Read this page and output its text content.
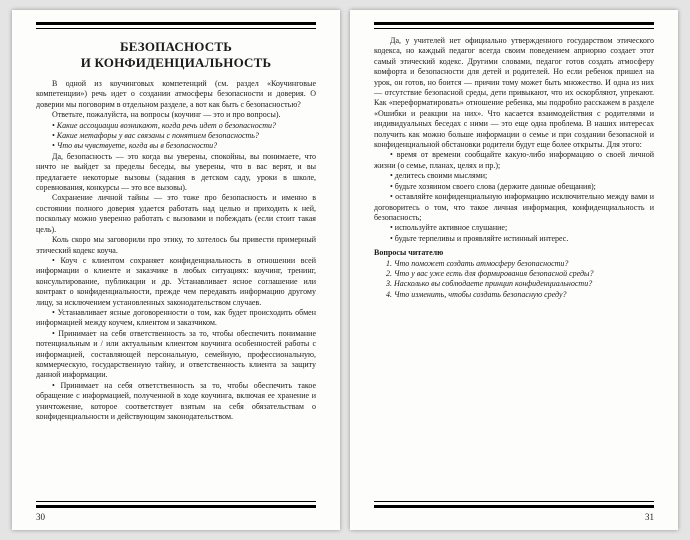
БЕЗОПАСНОСТЬ
И КОНФИДЕНЦИАЛЬНОСТЬ
В одной из коучинговых компетенций (см. раздел «Коучинговые компетенции») речь идет о создании атмосферы безопасности и доверия. О доверии мы поговорим в отдельном разделе, а вот как быть с безопасностью?
Ответьте, пожалуйста, на вопросы (коучинг — это и про вопросы).
• Какие ассоциации возникают, когда речь идет о безопасности?
• Какие метафоры у вас связаны с понятием безопасность?
• Что вы чувствуете, когда вы в безопасности?
Да, безопасность — это когда вы уверены, спокойны, вы понимаете, что ничто не выйдет за пределы беседы, вы уверены, что в вас верят, и вы предлагаете некоторые вызовы (задания в детском саду, уроки в школе, соревнования, конкурсы — это все вызовы).
Сохранение личной тайны — это тоже про безопасность и именно в состоянии полного доверия удается работать над целью и приходить к ней, поскольку можно уверенно работать с вызовами и побеждать (если стоит такая цель).
Коль скоро мы заговорили про этику, то хотелось бы привести примерный этический кодекс коуча.
• Коуч с клиентом сохраняет конфиденциальность в отношении всей информации о клиенте и заказчике в любых ситуациях: коучинг, тренинг, консультирование, публикации и др. Устанавливает ясное соглашение или контракт о конфиденциальности, прежде чем передавать информацию другому лицу, за исключением установленных законодательством случаев.
• Устанавливает ясные договоренности о том, как будет происходить обмен информацией между коучем, клиентом и заказчиком.
• Принимает на себя ответственность за то, чтобы обеспечить понимание потенциальным и / или актуальным клиентом коучинга особенностей работы с информацией, составляющей персональную, семейную, профессиональную, коммерческую, государственную тайну, и ответственность клиента за защиту данной информации.
• Принимает на себя ответственность за то, чтобы обеспечить такое обращение с информацией, полученной в ходе коучинга, включая ее хранение и уничтожение, которое соответствует взятым на себя обязательствам о конфиденциальности и действующим законодательством.
30
Да, у учителей нет официально утвержденного государством этического кодекса, но каждый педагог всегда своим поведением априорно создает этот самый этический кодекс. Другими словами, педагог готов создать атмосферу комфорта и безопасности для детей и родителей. Но если ребенок пришел на урок, он готов, но боится — причин тому может быть множество. И одна из них — отсутствие безопасной среды, дети привыкают, что их оскорбляют, упрекают. Как «переформатировать» отношение ребенка, мы подробно расскажем в разделе «Ошибки и реакции на них». Что касается взаимодействия с родителями и индивидуальных беседах с ними — это еще одна проблема. В наших интересах получить как можно больше информации о семье и при создании безопасной и конфиденциальной обстановки родители будут еще более открыты. Для этого:
• время от времени сообщайте какую-либо информацию о своей личной жизни (о семье, планах, целях и пр.);
• делитесь своими мыслями;
• будьте хозяином своего слова (держите данные обещания);
• оставляйте конфиденциальную информацию исключительно между вами и договоритесь о том, что такое личная информация, конфиденциальность и безопасность;
• используйте активное слушание;
• будьте терпеливы и проявляйте истинный интерес.
Вопросы читателю
1. Что поможет создать атмосферу безопасности?
2. Что у вас уже есть для формирования безопасной среды?
3. Насколько вы соблюдаете принцип конфиденциальности?
4. Что изменить, чтобы создать безопасную среду?
31
